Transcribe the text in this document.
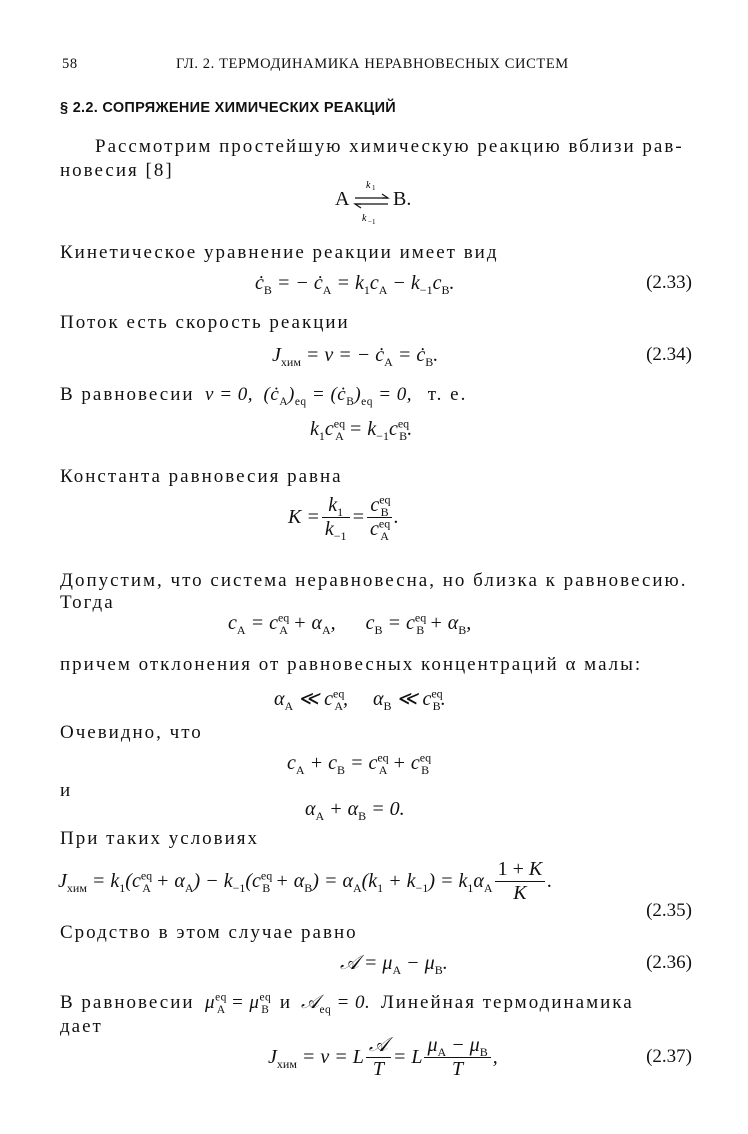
58	ГЛ. 2. ТЕРМОДИНАМИКА НЕРАВНОВЕСНЫХ СИСТЕМ
§ 2.2. СОПРЯЖЕНИЕ ХИМИЧЕСКИХ РЕАКЦИЙ
Рассмотрим простейшую химическую реакцию вблизи рав-
новесия [8]
A
k 1
k −1
B.
Кинетическое уравнение реакции имеет вид
$ċ_B$ = − $ċ_A = k_1c_A - k_{-1}c_B$.	(2.33)
Поток есть скорость реакции
$J_{хим} = v$ = − $ċ_A$ = $ċ_B$.	(2.34)
В равновесии v = 0,  $(ċ_A)_{eq}$ = $(ċ_B)_{eq} = 0$,   т. е.
$k_1c^{eq}_A = k_{-1}c^{eq}_B$.
Константа равновесия равна
$K = \frac{k_1}{k_{-1}} = \frac{c^{eq}_B}{c^{eq}_A}$ .
Допустим, что система неравновесна, но близка к равновесию.
Тогда
$c_A = c^{eq}_A + \alpha_A$,      $c_B = c^{eq}_B + \alpha_B$,
причем отклонения от равновесных концентраций α малы:
$\alpha_A$ ≪ $c^{eq}_A$,     $\alpha_B$ ≪ $c^{eq}_B$.
Очевидно, что
$c_A + c_B = c^{eq}_A + c^{eq}_B$
и
$\alpha_A + \alpha_B = 0$.
При таких условиях
$J_{хим} = k_1(c^{eq}_A + \alpha_A) - k_{-1}(c^{eq}_B + \alpha_B) = \alpha_A(k_1 + k_{-1}) = k_1\alpha_A \frac{1 + K}{K}$ .
(2.35)
Сродство в этом случае равно
𝒜 = $\mu_A - \mu_B$.	(2.36)
В равновесии  $\mu^{eq}_A = \mu^{eq}_B$ и  𝒜$_{eq}$ = 0.  Линейная термодинамика
дает
$J_{хим} = v = L \frac{\text{𝒜}}{T} = L \frac{\mu_A - \mu_B}{T}$ ,	(2.37)
